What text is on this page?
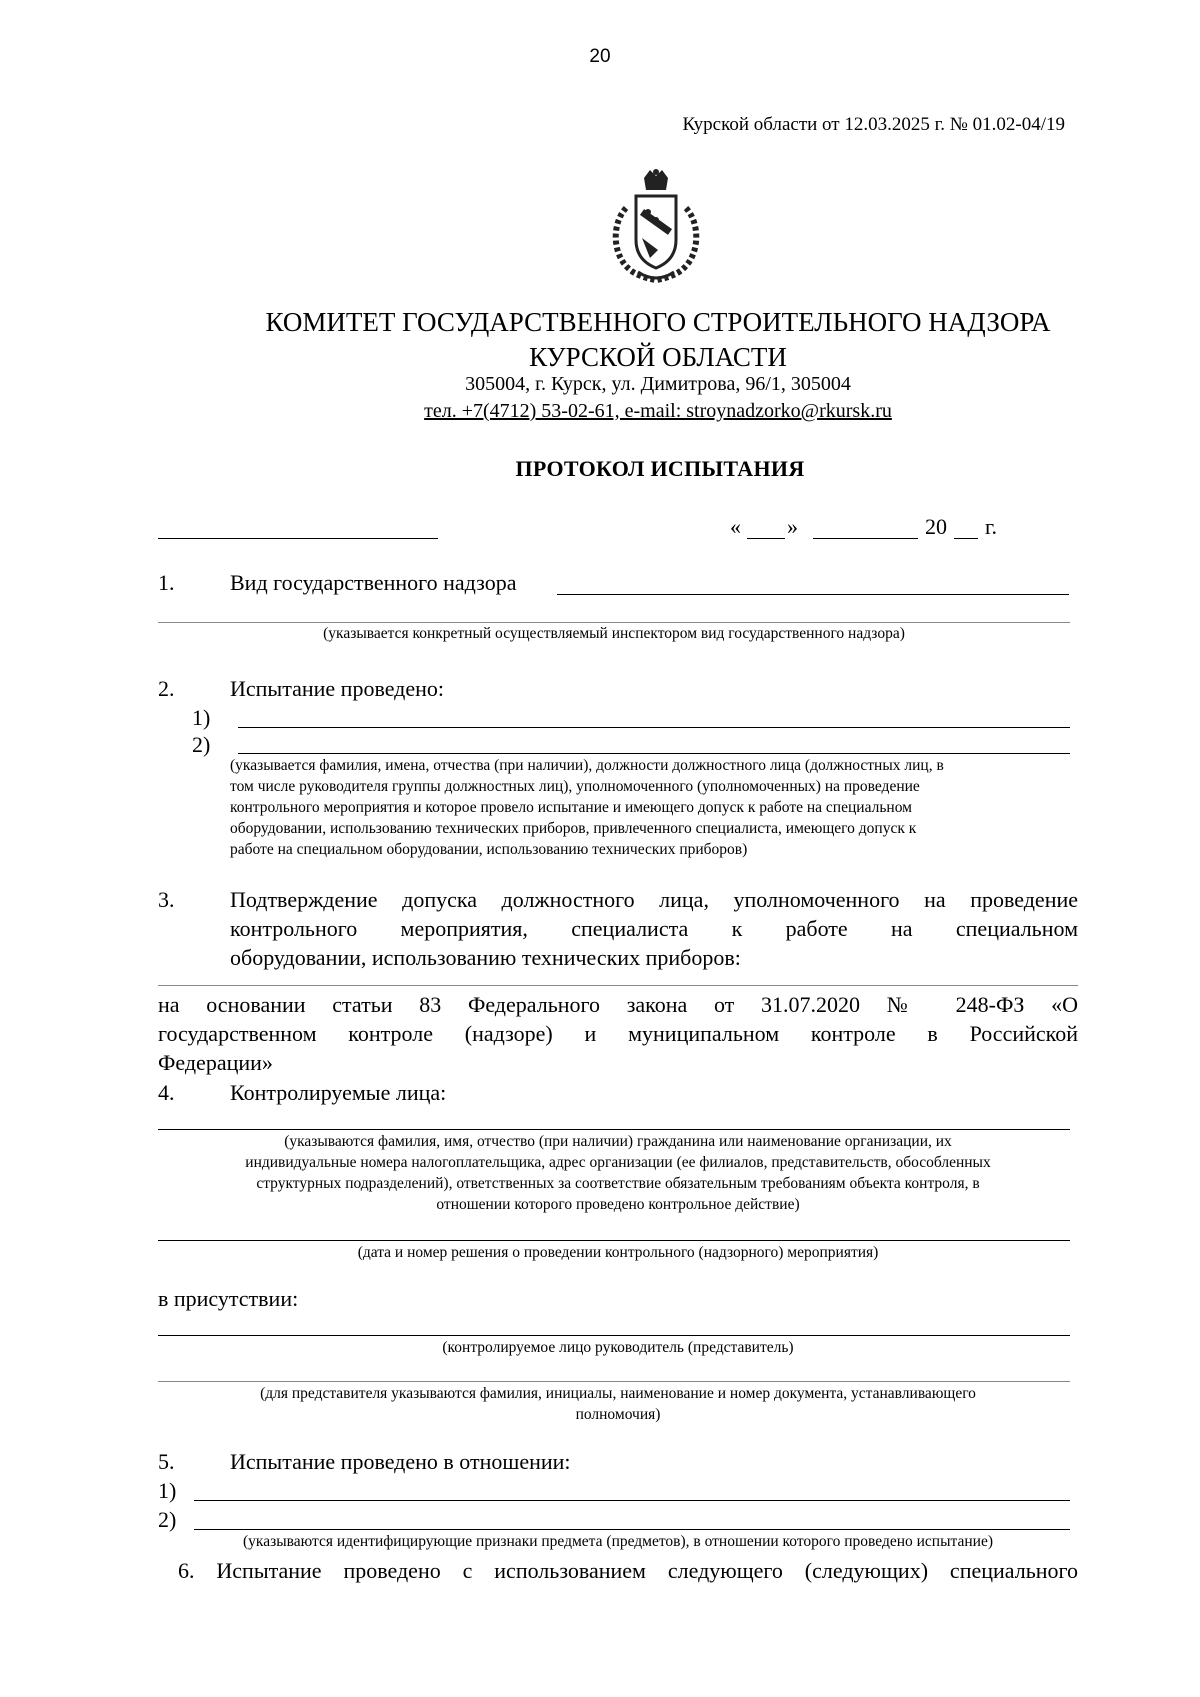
20
Курской области от 12.03.2025 г. № 01.02-04/19
КОМИТЕТ ГОСУДАРСТВЕННОГО СТРОИТЕЛЬНОГО НАДЗОРА
КУРСКОЙ ОБЛАСТИ
305004, г. Курск, ул. Димитрова, 96/1, 305004
тел. +7(4712) 53-02-61, e-mail: stroynadzorko@rkursk.ru
ПРОТОКОЛ ИСПЫТАНИЯ
« »	20 г.
1.	Вид государственного надзора
(указывается конкретный осуществляемый инспектором вид государственного надзора)
2.	Испытание проведено:
1)
2)
(указывается фамилия, имена, отчества (при наличии), должности должностного лица (должностных лиц, в
том числе руководителя группы должностных лиц), уполномоченного (уполномоченных) на проведение
контрольного мероприятия и которое провело испытание и имеющего допуск к работе на специальном
оборудовании, использованию технических приборов, привлеченного специалиста, имеющего допуск к
работе на специальном оборудовании, использованию технических приборов)
3.	Подтверждение допуска должностного лица, уполномоченного на проведение
контрольного мероприятия, специалиста к работе на специальном
оборудовании, использованию технических приборов:
на основании статьи 83 Федерального закона от 31.07.2020 № 248-ФЗ «О
государственном контроле (надзоре) и муниципальном контроле в Российской
Федерации»
4.	Контролируемые лица:
(указываются фамилия, имя, отчество (при наличии) гражданина или наименование организации, их
индивидуальные номера налогоплательщика, адрес организации (ее филиалов, представительств, обособленных
структурных подразделений), ответственных за соответствие обязательным требованиям объекта контроля, в
отношении которого проведено контрольное действие)
(дата и номер решения о проведении контрольного (надзорного) мероприятия)
в присутствии:
(контролируемое лицо руководитель (представитель)
(для представителя указываются фамилия, инициалы, наименование и номер документа, устанавливающего
полномочия)
5.	Испытание проведено в отношении:
1)
2)
(указываются идентифицирующие признаки предмета (предметов), в отношении которого проведено испытание)
6. Испытание проведено с использованием следующего (следующих) специального
